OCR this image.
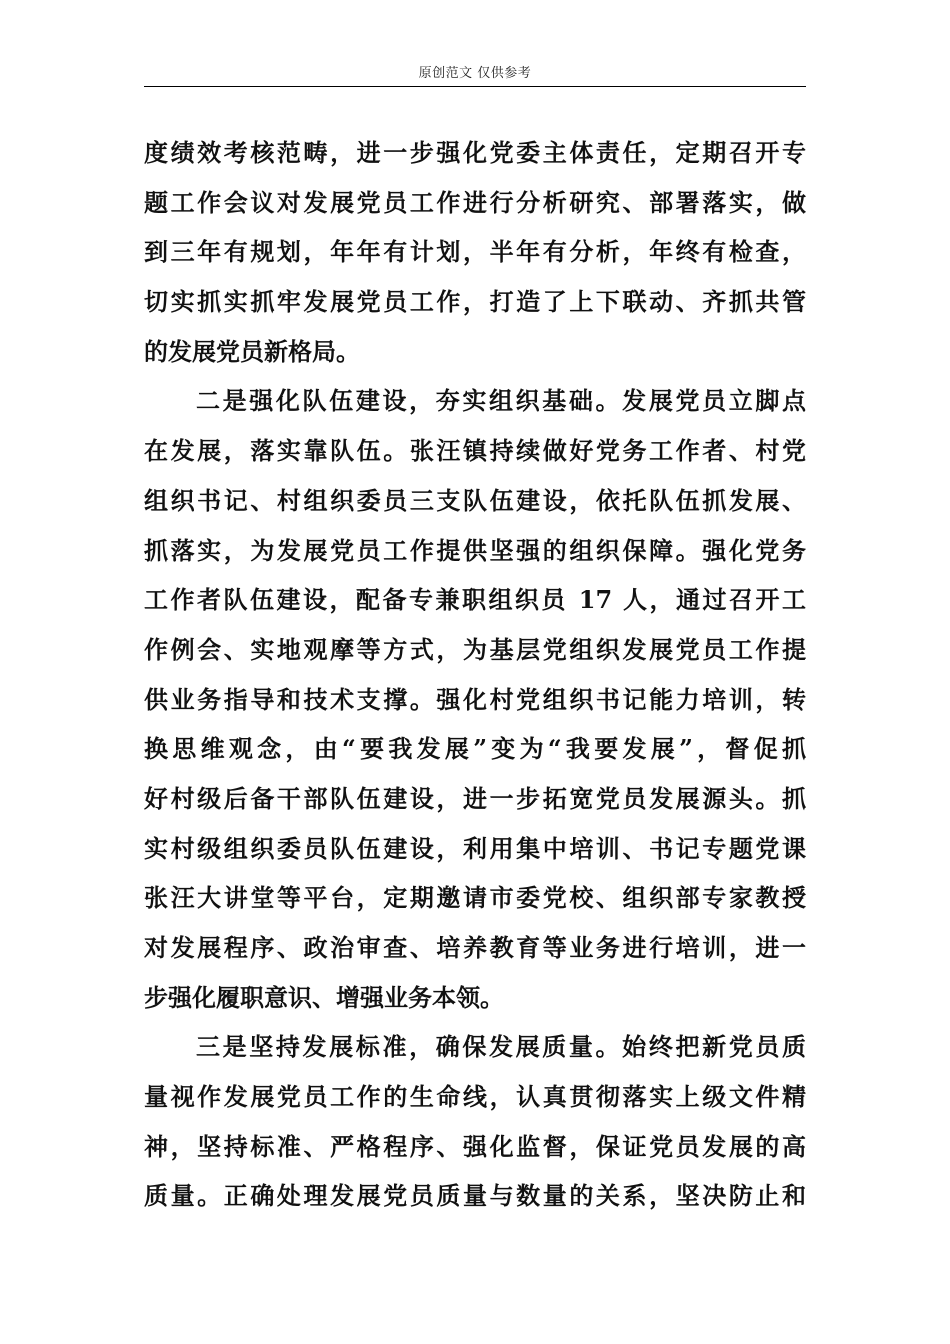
原创范文 仅供参考
度绩效考核范畴，进一步强化党委主体责任，定期召开专
题工作会议对发展党员工作进行分析研究、部署落实，做
到三年有规划，年年有计划，半年有分析，年终有检查，
切实抓实抓牢发展党员工作，打造了上下联动、齐抓共管
的发展党员新格局。
二是强化队伍建设，夯实组织基础。发展党员立脚点
在发展，落实靠队伍。张汪镇持续做好党务工作者、村党
组织书记、村组织委员三支队伍建设，依托队伍抓发展、
抓落实，为发展党员工作提供坚强的组织保障。强化党务
工作者队伍建设，配备专兼职组织员 17 人，通过召开工
作例会、实地观摩等方式，为基层党组织发展党员工作提
供业务指导和技术支撑。强化村党组织书记能力培训，转
换思维观念，由“要我发展”变为“我要发展”，督促抓
好村级后备干部队伍建设，进一步拓宽党员发展源头。抓
实村级组织委员队伍建设，利用集中培训、书记专题党课
张汪大讲堂等平台，定期邀请市委党校、组织部专家教授
对发展程序、政治审查、培养教育等业务进行培训，进一
步强化履职意识、增强业务本领。
三是坚持发展标准，确保发展质量。始终把新党员质
量视作发展党员工作的生命线，认真贯彻落实上级文件精
神，坚持标准、严格程序、强化监督，保证党员发展的高
质量。正确处理发展党员质量与数量的关系，坚决防止和
